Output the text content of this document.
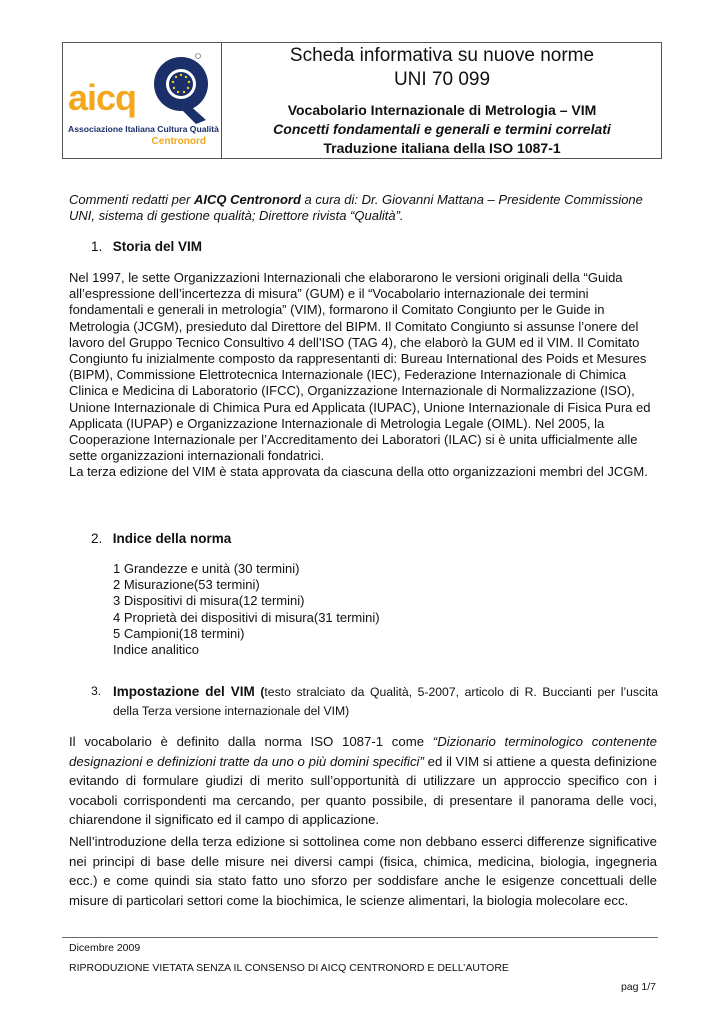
aicq
Associazione Italiana Cultura Qualità
Centronord
Scheda informativa su nuove norme
UNI 70 099
Vocabolario Internazionale di Metrologia – VIM
Concetti fondamentali e generali e termini correlati
Traduzione italiana della ISO 1087-1
Commenti redatti per AICQ Centronord a cura di: Dr. Giovanni Mattana – Presidente Commissione UNI, sistema di gestione qualità; Direttore rivista “Qualità”.
1. Storia del VIM
Nel 1997, le sette Organizzazioni Internazionali che elaborarono le versioni originali della “Guida all’espressione dell’incertezza di misura” (GUM) e il “Vocabolario internazionale dei termini fondamentali e generali in metrologia” (VIM), formarono il Comitato Congiunto per le Guide in Metrologia (JCGM), presieduto dal Direttore del BIPM. Il Comitato Congiunto si assunse l’onere del lavoro del Gruppo Tecnico Consultivo 4 dell’ISO (TAG 4), che elaborò la GUM ed il VIM. Il Comitato Congiunto fu inizialmente composto da rappresentanti di: Bureau International des Poids et Mesures (BIPM), Commissione Elettrotecnica Internazionale (IEC), Federazione Internazionale di Chimica Clinica e Medicina di Laboratorio (IFCC), Organizzazione Internazionale di Normalizzazione (ISO), Unione Internazionale di Chimica Pura ed Applicata (IUPAC), Unione Internazionale di Fisica Pura ed Applicata (IUPAP) e Organizzazione Internazionale di Metrologia Legale (OIML). Nel 2005, la Cooperazione Internazionale per l’Accreditamento dei Laboratori (ILAC) si è unita ufficialmente alle sette organizzazioni internazionali fondatrici.
La terza edizione del VIM è stata approvata da ciascuna della otto organizzazioni membri del JCGM.
2. Indice della norma
1 Grandezze e unità (30 termini)
2 Misurazione(53 termini)
3 Dispositivi di misura(12 termini)
4 Proprietà dei dispositivi di misura(31 termini)
5 Campioni(18 termini)
Indice analitico
3. Impostazione del VIM (testo stralciato da Qualità, 5-2007, articolo di R. Buccianti per l’uscita della Terza versione internazionale del VIM)
Il vocabolario è definito dalla norma ISO 1087-1 come “Dizionario terminologico contenente designazioni e definizioni tratte da uno o più domini specifici” ed il VIM si attiene a questa definizione evitando di formulare giudizi di merito sull’opportunità di utilizzare un approccio specifico con i vocaboli corrispondenti ma cercando, per quanto possibile, di presentare il panorama delle voci, chiarendone il significato ed il campo di applicazione.
Nell’introduzione della terza edizione si sottolinea come non debbano esserci differenze significative nei principi di base delle misure nei diversi campi (fisica, chimica, medicina, biologia, ingegneria ecc.) e come quindi sia stato fatto uno sforzo per soddisfare anche le esigenze concettuali delle misure di particolari settori come la biochimica, le scienze alimentari, la biologia molecolare ecc.
Dicembre 2009
RIPRODUZIONE VIETATA SENZA IL CONSENSO DI AICQ CENTRONORD E DELL’AUTORE
pag 1/7
